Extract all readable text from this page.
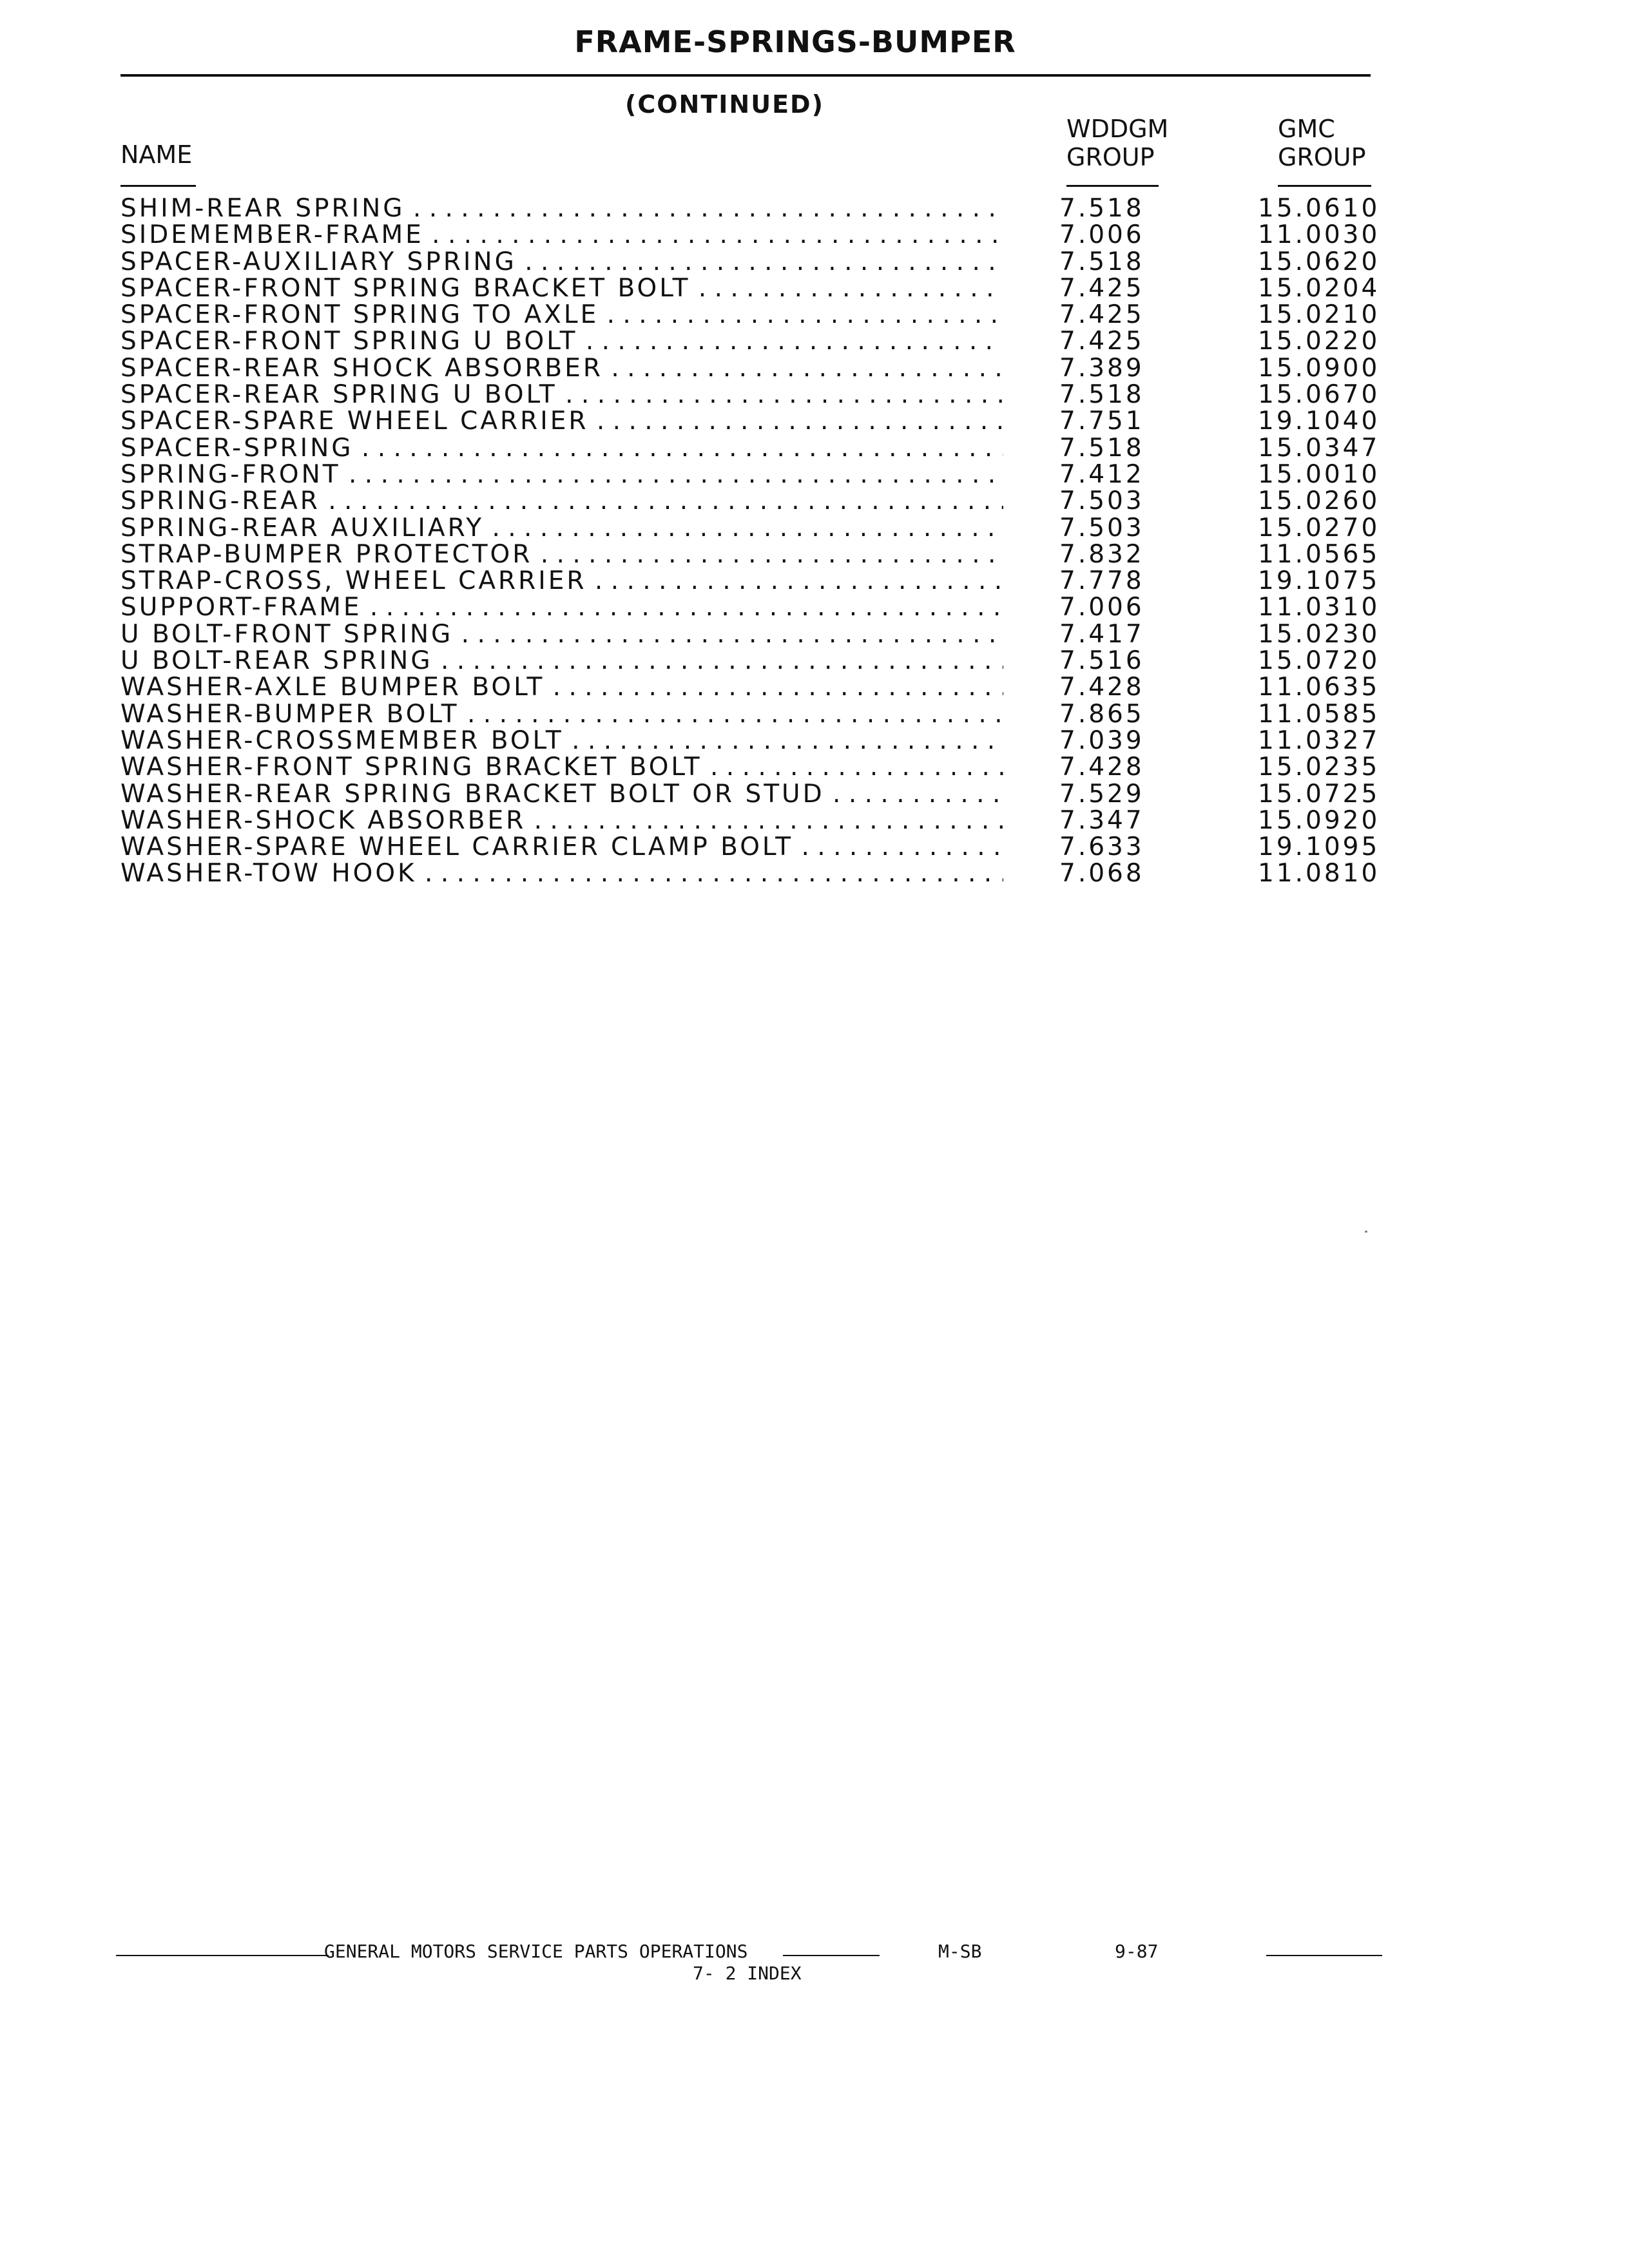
FRAME-SPRINGS-BUMPER
(CONTINUED)
NAME
WDDGM
GROUP
GMC
GROUP
SHIM-REAR SPRING . . .	7.518	15.0610
SIDEMEMBER-FRAME . . .	7.006	11.0030
SPACER-AUXILIARY SPRING . . .	7.518	15.0620
SPACER-FRONT SPRING BRACKET BOLT . . .	7.425	15.0204
SPACER-FRONT SPRING TO AXLE . . .	7.425	15.0210
SPACER-FRONT SPRING U BOLT . . .	7.425	15.0220
SPACER-REAR SHOCK ABSORBER . . .	7.389	15.0900
SPACER-REAR SPRING U BOLT . . .	7.518	15.0670
SPACER-SPARE WHEEL CARRIER . . .	7.751	19.1040
SPACER-SPRING . . .	7.518	15.0347
SPRING-FRONT . . .	7.412	15.0010
SPRING-REAR . . .	7.503	15.0260
SPRING-REAR AUXILIARY . . .	7.503	15.0270
STRAP-BUMPER PROTECTOR . . .	7.832	11.0565
STRAP-CROSS, WHEEL CARRIER . . .	7.778	19.1075
SUPPORT-FRAME . . .	7.006	11.0310
U BOLT-FRONT SPRING . . .	7.417	15.0230
U BOLT-REAR SPRING . . .	7.516	15.0720
WASHER-AXLE BUMPER BOLT . . .	7.428	11.0635
WASHER-BUMPER BOLT . . .	7.865	11.0585
WASHER-CROSSMEMBER BOLT . . .	7.039	11.0327
WASHER-FRONT SPRING BRACKET BOLT . . .	7.428	15.0235
WASHER-REAR SPRING BRACKET BOLT OR STUD . . .	7.529	15.0725
WASHER-SHOCK ABSORBER . . .	7.347	15.0920
WASHER-SPARE WHEEL CARRIER CLAMP BOLT . . .	7.633	19.1095
WASHER-TOW HOOK . . .	7.068	11.0810
GENERAL MOTORS SERVICE PARTS OPERATIONS	M-SB	9-87
7- 2 INDEX
